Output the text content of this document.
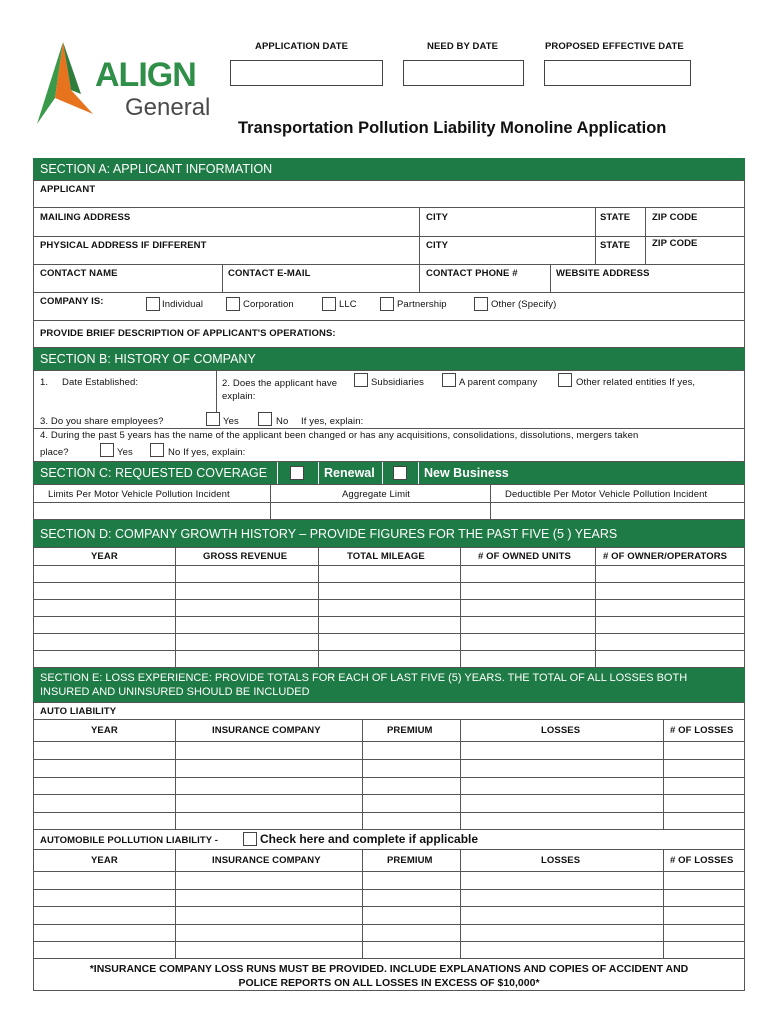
ALIGN
General
APPLICATION DATE	NEED BY DATE	PROPOSED EFFECTIVE DATE
Transportation Pollution Liability Monoline Application
SECTION A: APPLICANT INFORMATION
APPLICANT
MAILING ADDRESS	CITY	STATE ZIP CODE
PHYSICAL ADDRESS IF DIFFERENT	CITY	STATE ZIP CODE
CONTACT NAME	CONTACT E-MAIL	CONTACT PHONE #	WEBSITE ADDRESS
COMPANY IS:	Individual	Corporation	LLC	Partnership	Other (Specify)
PROVIDE BRIEF DESCRIPTION OF APPLICANT'S OPERATIONS:
SECTION B: HISTORY OF COMPANY
1. Date Established:	2. Does the applicant have	Subsidiaries	A parent company	Other related entities If yes,
explain:
3. Do you share employees?	Yes	No If yes, explain:
4. During the past 5 years has the name of the applicant been changed or has any acquisitions, consolidations, dissolutions, mergers taken
place?	Yes	No If yes, explain:
SECTION C: REQUESTED COVERAGE	Renewal	New Business
Limits Per Motor Vehicle Pollution Incident	Aggregate Limit	Deductible Per Motor Vehicle Pollution Incident
SECTION D: COMPANY GROWTH HISTORY – PROVIDE FIGURES FOR THE PAST FIVE (5 ) YEARS
YEAR	GROSS REVENUE	TOTAL MILEAGE	# OF OWNED UNITS	# OF OWNER/OPERATORS
SECTION E: LOSS EXPERIENCE: PROVIDE TOTALS FOR EACH OF LAST FIVE (5) YEARS. THE TOTAL OF ALL LOSSES BOTH
INSURED AND UNINSURED SHOULD BE INCLUDED
AUTO LIABILITY
YEAR	INSURANCE COMPANY	PREMIUM	LOSSES	# OF LOSSES
AUTOMOBILE POLLUTION LIABILITY -	Check here and complete if applicable
YEAR	INSURANCE COMPANY	PREMIUM	LOSSES	# OF LOSSES
*INSURANCE COMPANY LOSS RUNS MUST BE PROVIDED. INCLUDE EXPLANATIONS AND COPIES OF ACCIDENT AND
POLICE REPORTS ON ALL LOSSES IN EXCESS OF $10,000*
